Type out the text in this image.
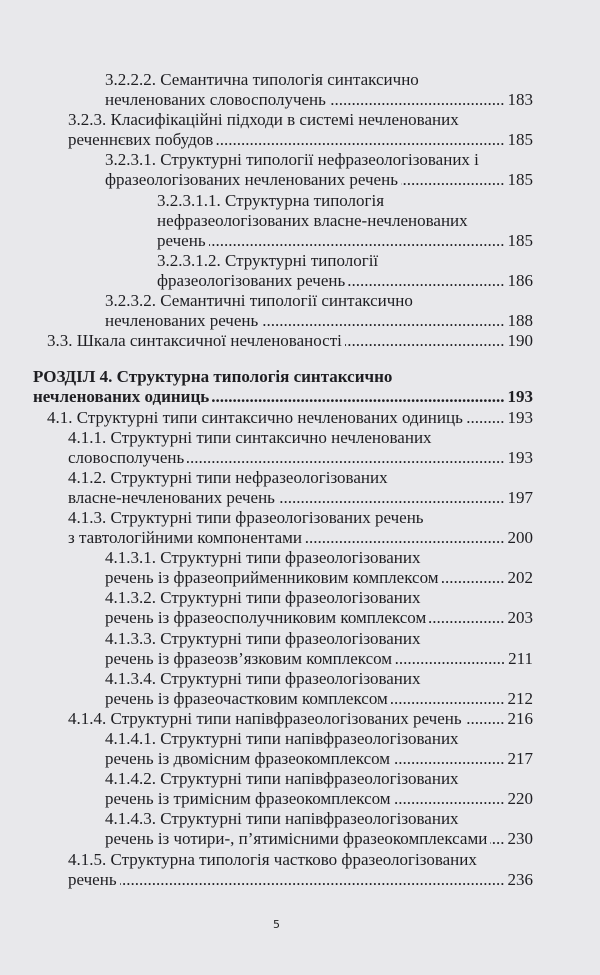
3.2.2.2. Семантична типологія синтаксично
нечленованих словосполучень .....	183
3.2.3. Класифікаційні підходи в системі нечленованих
реченнєвих побудов .....	185
3.2.3.1. Структурні типології нефразеологізованих і
фразеологізованих нечленованих речень .....	185
3.2.3.1.1. Структурна типологія
нефразеологізованих власне-нечленованих
речень .....	185
3.2.3.1.2. Структурні типології
фразеологізованих речень .....	186
3.2.3.2. Семантичні типології синтаксично
нечленованих речень .....	188
3.3. Шкала синтаксичної нечленованості .....	190
РОЗДІЛ 4. Структурна типологія синтаксично
нечленованих одиниць .....	193
4.1. Структурні типи синтаксично нечленованих одиниць .....	193
4.1.1. Структурні типи синтаксично нечленованих
словосполучень .....	193
4.1.2. Структурні типи нефразеологізованих
власне-нечленованих речень .....	197
4.1.3. Структурні типи фразеологізованих речень
з тавтологійними компонентами .....	200
4.1.3.1. Структурні типи фразеологізованих
речень із фразеоприйменниковим комплексом .....	202
4.1.3.2. Структурні типи фразеологізованих
речень із фразеосполучниковим комплексом .....	203
4.1.3.3. Структурні типи фразеологізованих
речень із фразеозв’язковим комплексом .....	211
4.1.3.4. Структурні типи фразеологізованих
речень із фразеочастковим комплексом .....	212
4.1.4. Структурні типи напівфразеологізованих речень .....	216
4.1.4.1. Структурні типи напівфразеологізованих
речень із двомісним фразеокомплексом .....	217
4.1.4.2. Структурні типи напівфразеологізованих
речень із тримісним фразеокомплексом .....	220
4.1.4.3. Структурні типи напівфразеологізованих
речень із чотири-, п’ятимісними фразеокомплексами ..... 230
4.1.5. Структурна типологія частково фразеологізованих
речень .....	236
5
